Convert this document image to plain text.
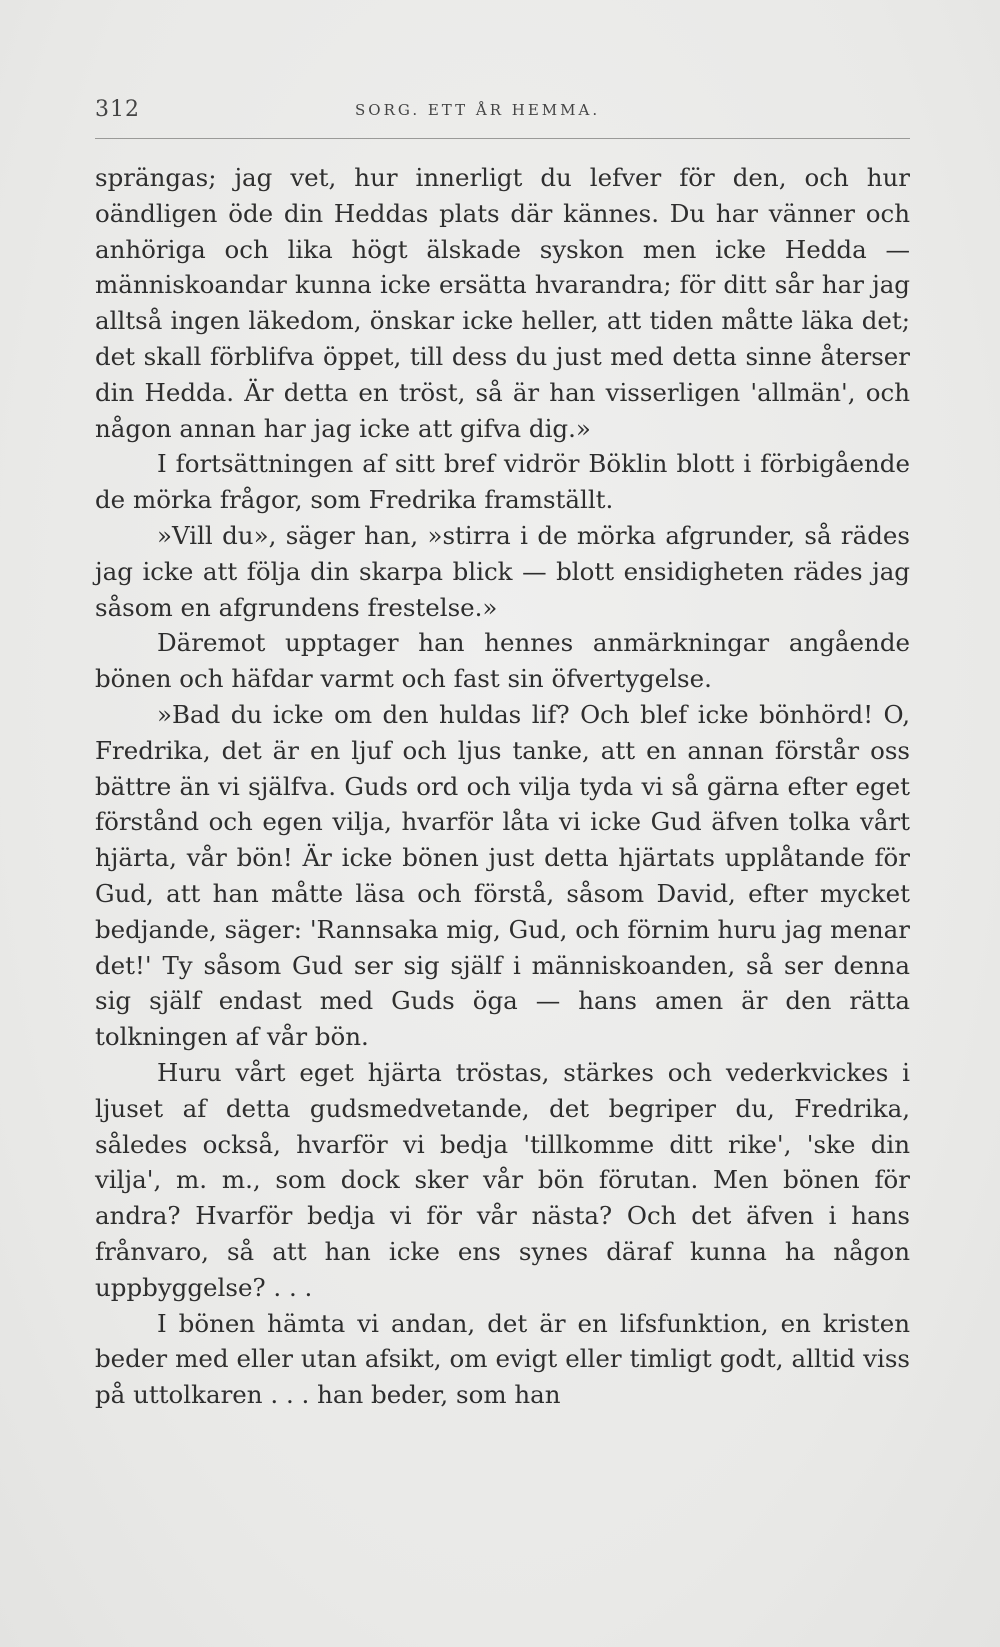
312	SORG. ETT ÅR HEMMA.

sprängas; jag vet, hur innerligt du lefver för den, och hur oändligen öde din Heddas plats där kännes. Du har vänner och anhöriga och lika högt älskade syskon men icke Hedda — människoandar kunna icke ersätta hvarandra; för ditt sår har jag alltså ingen läkedom, önskar icke heller, att tiden måtte läka det; det skall förblifva öppet, till dess du just med detta sinne återser din Hedda. Är detta en tröst, så är han visserligen 'allmän', och någon annan har jag icke att gifva dig.»

I fortsättningen af sitt bref vidrör Böklin blott i förbigående de mörka frågor, som Fredrika framställt.

»Vill du», säger han, »stirra i de mörka afgrunder, så rädes jag icke att följa din skarpa blick — blott ensidigheten rädes jag såsom en afgrundens frestelse.»

Däremot upptager han hennes anmärkningar angående bönen och häfdar varmt och fast sin öfvertygelse.

»Bad du icke om den huldas lif? Och blef icke bönhörd! O, Fredrika, det är en ljuf och ljus tanke, att en annan förstår oss bättre än vi själfva. Guds ord och vilja tyda vi så gärna efter eget förstånd och egen vilja, hvarför låta vi icke Gud äfven tolka vårt hjärta, vår bön! Är icke bönen just detta hjärtats upplåtande för Gud, att han måtte läsa och förstå, såsom David, efter mycket bedjande, säger: 'Rannsaka mig, Gud, och förnim huru jag menar det!' Ty såsom Gud ser sig själf i människoanden, så ser denna sig själf endast med Guds öga — hans amen är den rätta tolkningen af vår bön.

Huru vårt eget hjärta tröstas, stärkes och vederkvickes i ljuset af detta gudsmedvetande, det begriper du, Fredrika, således också, hvarför vi bedja 'tillkomme ditt rike', 'ske din vilja', m. m., som dock sker vår bön förutan. Men bönen för andra? Hvarför bedja vi för vår nästa? Och det äfven i hans frånvaro, så att han icke ens synes däraf kunna ha någon uppbyggelse? . . .

I bönen hämta vi andan, det är en lifsfunktion, en kristen beder med eller utan afsikt, om evigt eller timligt godt, alltid viss på uttolkaren . . . han beder, som han
